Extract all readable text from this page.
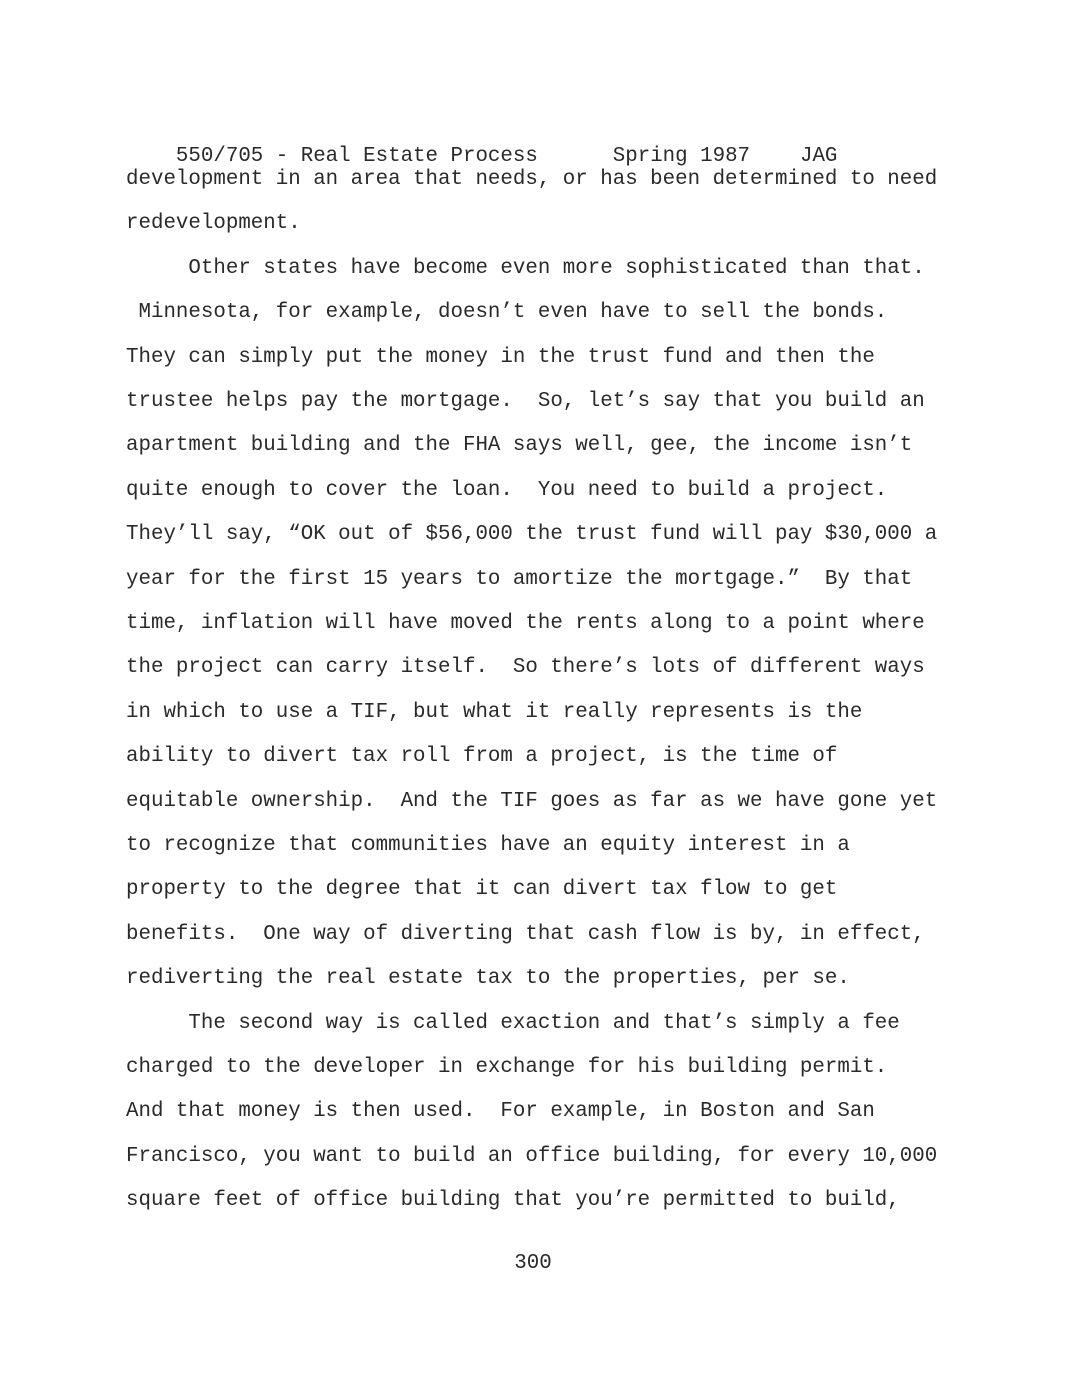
550/705 - Real Estate Process	Spring 1987 JAG

development in an area that needs, or has been determined to need
redevelopment.
Other states have become even more sophisticated than that.
Minnesota, for example, doesn’t even have to sell the bonds.
They can simply put the money in the trust fund and then the
trustee helps pay the mortgage.  So, let’s say that you build an
apartment building and the FHA says well, gee, the income isn’t
quite enough to cover the loan.  You need to build a project.
They’ll say, “OK out of $56,000 the trust fund will pay $30,000 a
year for the first 15 years to amortize the mortgage.”  By that
time, inflation will have moved the rents along to a point where
the project can carry itself.  So there’s lots of different ways
in which to use a TIF, but what it really represents is the
ability to divert tax roll from a project, is the time of
equitable ownership.  And the TIF goes as far as we have gone yet
to recognize that communities have an equity interest in a
property to the degree that it can divert tax flow to get
benefits.  One way of diverting that cash flow is by, in effect,
rediverting the real estate tax to the properties, per se.
The second way is called exaction and that’s simply a fee
charged to the developer in exchange for his building permit.
And that money is then used.  For example, in Boston and San
Francisco, you want to build an office building, for every 10,000
square feet of office building that you’re permitted to build,
300
